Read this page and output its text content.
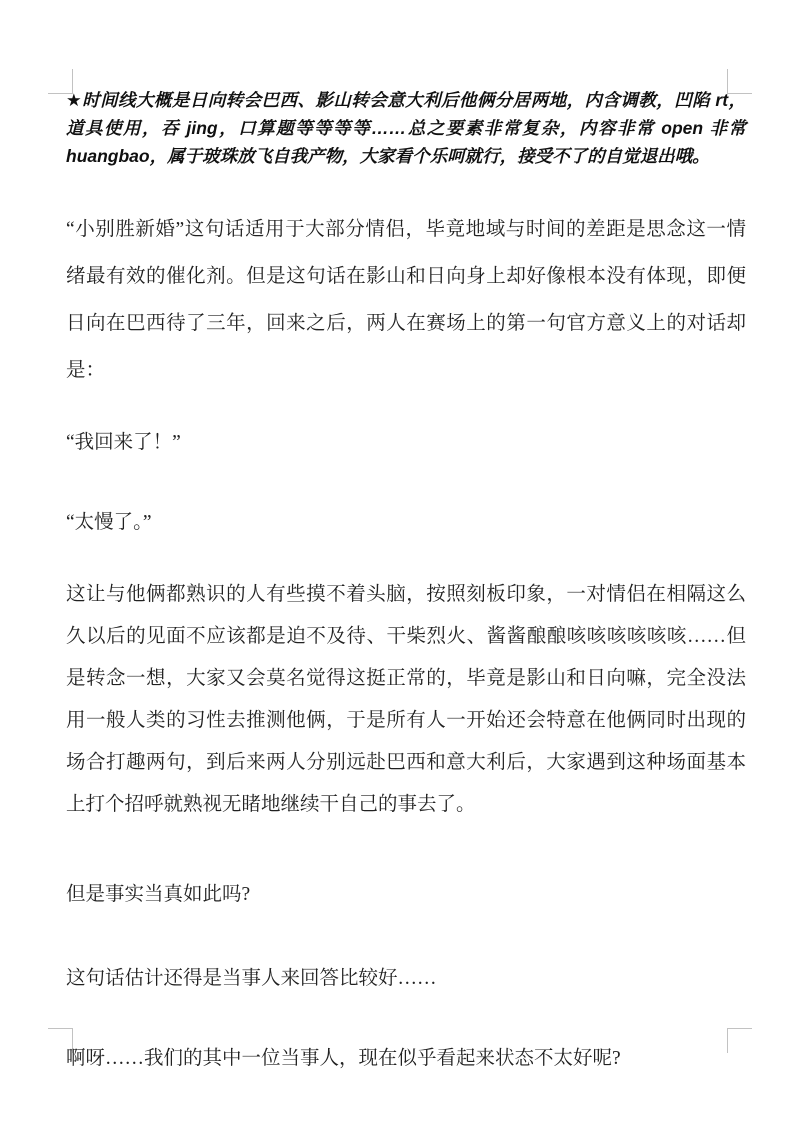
★时间线大概是日向转会巴西、影山转会意大利后他俩分居两地，内含调教，凹陷 rt，道具使用，吞 jing，口算题等等等等……总之要素非常复杂，内容非常 open 非常 huangbao，属于玻珠放飞自我产物，大家看个乐呵就行，接受不了的自觉退出哦。

“小别胜新婚”这句话适用于大部分情侣，毕竟地域与时间的差距是思念这一情绪最有效的催化剂。但是这句话在影山和日向身上却好像根本没有体现，即便日向在巴西待了三年，回来之后，两人在赛场上的第一句官方意义上的对话却是：

“我回来了！”

“太慢了。”

这让与他俩都熟识的人有些摸不着头脑，按照刻板印象，一对情侣在相隔这么久以后的见面不应该都是迫不及待、干柴烈火、酱酱酿酿咳咳咳咳咳咳……但是转念一想，大家又会莫名觉得这挺正常的，毕竟是影山和日向嘛，完全没法用一般人类的习性去推测他俩，于是所有人一开始还会特意在他俩同时出现的场合打趣两句，到后来两人分别远赴巴西和意大利后，大家遇到这种场面基本上打个招呼就熟视无睹地继续干自己的事去了。

但是事实当真如此吗?

这句话估计还得是当事人来回答比较好……

啊呀……我们的其中一位当事人，现在似乎看起来状态不太好呢?
